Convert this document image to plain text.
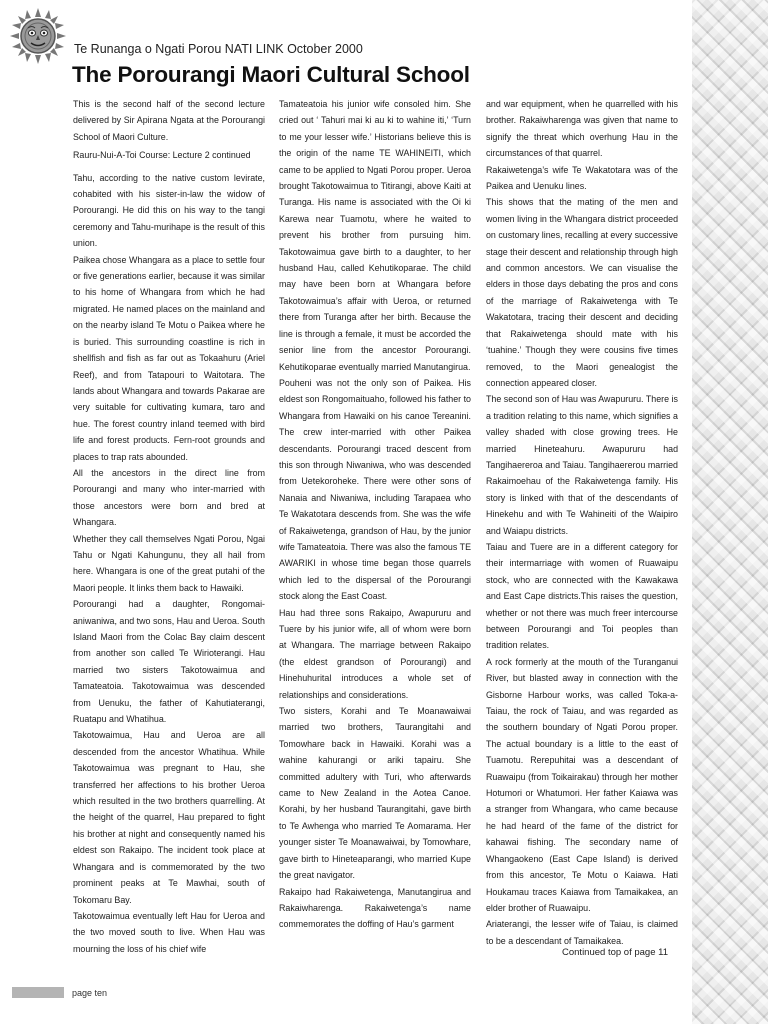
Te Runanga o Ngati Porou NATI LINK October 2000
The Porourangi Maori Cultural School

This is the second half of the second lecture delivered by Sir Apirana Ngata at the Porourangi School of Maori Culture.

Rauru-Nui-A-Toi Course: Lecture 2 continued

Tahu, according to the native custom levirate, cohabited with his sister-in-law the widow of Porourangi. He did this on his way to the tangi ceremony and Tahu-murihape is the result of this union.

Paikea chose Whangara as a place to settle four or five generations earlier, because it was similar to his home of Whangara from which he had migrated. He named places on the mainland and on the nearby island Te Motu o Paikea where he is buried. This surrounding coastline is rich in shellfish and fish as far out as Tokaahuru (Ariel Reef), and from Tatapouri to Waitotara. The lands about Whangara and towards Pakarae are very suitable for cultivating kumara, taro and hue. The forest country inland teemed with bird life and forest products. Fern-root grounds and places to trap rats abounded.

All the ancestors in the direct line from Porourangi and many who inter-married with those ancestors were born and bred at Whangara.

Whether they call themselves Ngati Porou, Ngai Tahu or Ngati Kahungunu, they all hail from here. Whangara is one of the great putahi of the Maori people. It links them back to Hawaiki.

Porourangi had a daughter, Rongomai-aniwaniwa, and two sons, Hau and Ueroa. South Island Maori from the Colac Bay claim descent from another son called Te Wirioterangi. Hau married two sisters Takotowaimua and Tamateatoia. Takotowaimua was descended from Uenuku, the father of Kahutiaterangi, Ruatapu and Whatihua.

Takotowaimua, Hau and Ueroa are all descended from the ancestor Whatihua. While Takotowaimua was pregnant to Hau, she transferred her affections to his brother Ueroa which resulted in the two brothers quarrelling. At the height of the quarrel, Hau prepared to fight his brother at night and consequently named his eldest son Rakaipo. The incident took place at Whangara and is commemorated by the two prominent peaks at Te Mawhai, south of Tokomaru Bay.

Takotowaimua eventually left Hau for Ueroa and the two moved south to live. When Hau was mourning the loss of his chief wife

Tamateatoia his junior wife consoled him. She cried out ‘ Tahuri mai ki au ki to wahine iti,’ ‘Turn to me your lesser wife.’ Historians believe this is the origin of the name TE WAHINEITI, which came to be applied to Ngati Porou proper. Ueroa brought Takotowaimua to Titirangi, above Kaiti at Turanga. His name is associated with the Oi ki Karewa near Tuamotu, where he waited to prevent his brother from pursuing him. Takotowaimua gave birth to a daughter, to her husband Hau, called Kehutikoparae. The child may have been born at Whangara before Takotowaimua’s affair with Ueroa, or returned there from Turanga after her birth. Because the line is through a female, it must be accorded the senior line from the ancestor Porourangi. Kehutikoparae eventually married Manutangirua.

Pouheni was not the only son of Paikea. His eldest son Rongomaituaho, followed his father to Whangara from Hawaiki on his canoe Tereanini. The crew inter-married with other Paikea descendants. Porourangi traced descent from this son through Niwaniwa, who was descended from Uetekoroheke. There were other sons of Nanaia and Niwaniwa, including Tarapaea who Te Wakatotara descends from. She was the wife of Rakaiwetenga, grandson of Hau, by the junior wife Tamateatoia. There was also the famous TE AWARIKI in whose time began those quarrels which led to the dispersal of the Porourangi stock along the East Coast.

Hau had three sons Rakaipo, Awapururu and Tuere by his junior wife, all of whom were born at Whangara. The marriage between Rakaipo (the eldest grandson of Porourangi) and Hinehuhurital introduces a whole set of relationships and considerations.

Two sisters, Korahi and Te Moanawaiwai married two brothers, Taurangitahi and Tomowhare back in Hawaiki. Korahi was a wahine kahurangi or ariki tapairu. She committed adultery with Turi, who afterwards came to New Zealand in the Aotea Canoe. Korahi, by her husband Taurangitahi, gave birth to Te Awhenga who married Te Aomarama. Her younger sister Te Moanawaiwai, by Tomowhare, gave birth to Hineteaparangi, who married Kupe the great navigator.

Rakaipo had Rakaiwetenga, Manutangirua and Rakaiwharenga. Rakaiwetenga’s name commemorates the doffing of Hau’s garment

and war equipment, when he quarrelled with his brother. Rakaiwharenga was given that name to signify the threat which overhung Hau in the circumstances of that quarrel.

Rakaiwetenga’s wife Te Wakatotara was of the Paikea and Uenuku lines.

This shows that the mating of the men and women living in the Whangara district proceeded on customary lines, recalling at every successive stage their descent and relationship through high and common ancestors. We can visualise the elders in those days debating the pros and cons of the marriage of Rakaiwetenga with Te Wakatotara, tracing their descent and deciding that Rakaiwetenga should mate with his ‘tuahine.’ Though they were cousins five times removed, to the Maori genealogist the connection appeared closer.

The second son of Hau was Awapururu. There is a tradition relating to this name, which signifies a valley shaded with close growing trees. He married Hineteahuru. Awapururu had Tangihaereroa and Taiau. Tangihaererou married Rakaimoehau of the Rakaiwetenga family. His story is linked with that of the descendants of Hinekehu and with Te Wahineiti of the Waipiro and Waiapu districts.

Taiau and Tuere are in a different category for their intermarriage with women of Ruawaipu stock, who are connected with the Kawakawa and East Cape districts.This raises the question, whether or not there was much freer intercourse between Porourangi and Toi peoples than tradition relates.

A rock formerly at the mouth of the Turanganui River, but blasted away in connection with the Gisborne Harbour works, was called Toka-a-Taiau, the rock of Taiau, and was regarded as the southern boundary of Ngati Porou proper. The actual boundary is a little to the east of Tuamotu. Rerepuhitai was a descendant of Ruawaipu (from Toikairakau) through her mother Hotumori or Whatumori. Her father Kaiawa was a stranger from Whangara, who came because he had heard of the fame of the district for kahawai fishing. The secondary name of Whangaokeno (East Cape Island) is derived from this ancestor, Te Motu o Kaiawa. Hati Houkamau traces Kaiawa from Tamaikakea, an elder brother of Ruawaipu.

Ariaterangi, the lesser wife of Taiau, is claimed to be a descendant of Tamaikakea.

Continued top of page 11
page ten
